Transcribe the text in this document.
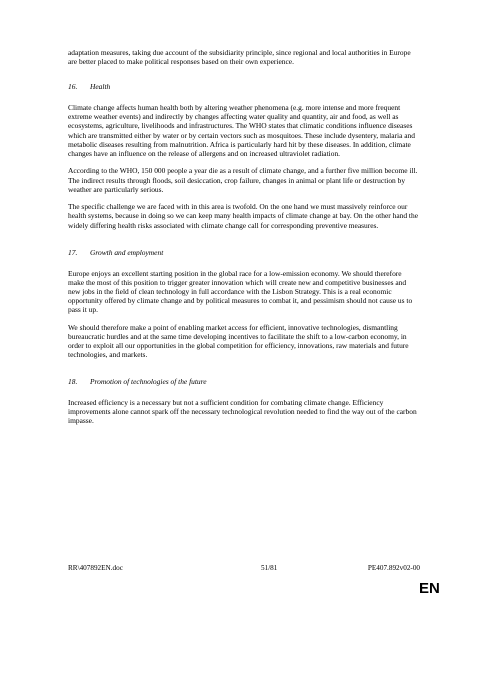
adaptation measures, taking due account of the subsidiarity principle, since regional and local authorities in Europe are better placed to make political responses based on their own experience.

16.	Health

Climate change affects human health both by altering weather phenomena (e.g. more intense and more frequent extreme weather events) and indirectly by changes affecting water quality and quantity, air and food, as well as ecosystems, agriculture, livelihoods and infrastructures. The WHO states that climatic conditions influence diseases which are transmitted either by water or by certain vectors such as mosquitoes. These include dysentery, malaria and metabolic diseases resulting from malnutrition. Africa is particularly hard hit by these diseases. In addition, climate changes have an influence on the release of allergens and on increased ultraviolet radiation.

According to the WHO, 150 000 people a year die as a result of climate change, and a further five million become ill. The indirect results through floods, soil desiccation, crop failure, changes in animal or plant life or destruction by weather are particularly serious.

The specific challenge we are faced with in this area is twofold. On the one hand we must massively reinforce our health systems, because in doing so we can keep many health impacts of climate change at bay. On the other hand the widely differing health risks associated with climate change call for corresponding preventive measures.

17.	Growth and employment

Europe enjoys an excellent starting position in the global race for a low-emission economy. We should therefore make the most of this position to trigger greater innovation which will create new and competitive businesses and new jobs in the field of clean technology in full accordance with the Lisbon Strategy. This is a real economic opportunity offered by climate change and by political measures to combat it, and pessimism should not cause us to pass it up.

We should therefore make a point of enabling market access for efficient, innovative technologies, dismantling bureaucratic hurdles and at the same time developing incentives to facilitate the shift to a low-carbon economy, in order to exploit all our opportunities in the global competition for efficiency, innovations, raw materials and future technologies, and markets.

18.	Promotion of technologies of the future

Increased efficiency is a necessary but not a sufficient condition for combating climate change. Efficiency improvements alone cannot spark off the necessary technological revolution needed to find the way out of the carbon impasse.

RR\407892EN.doc	51/81	PE407.892v02-00
EN
